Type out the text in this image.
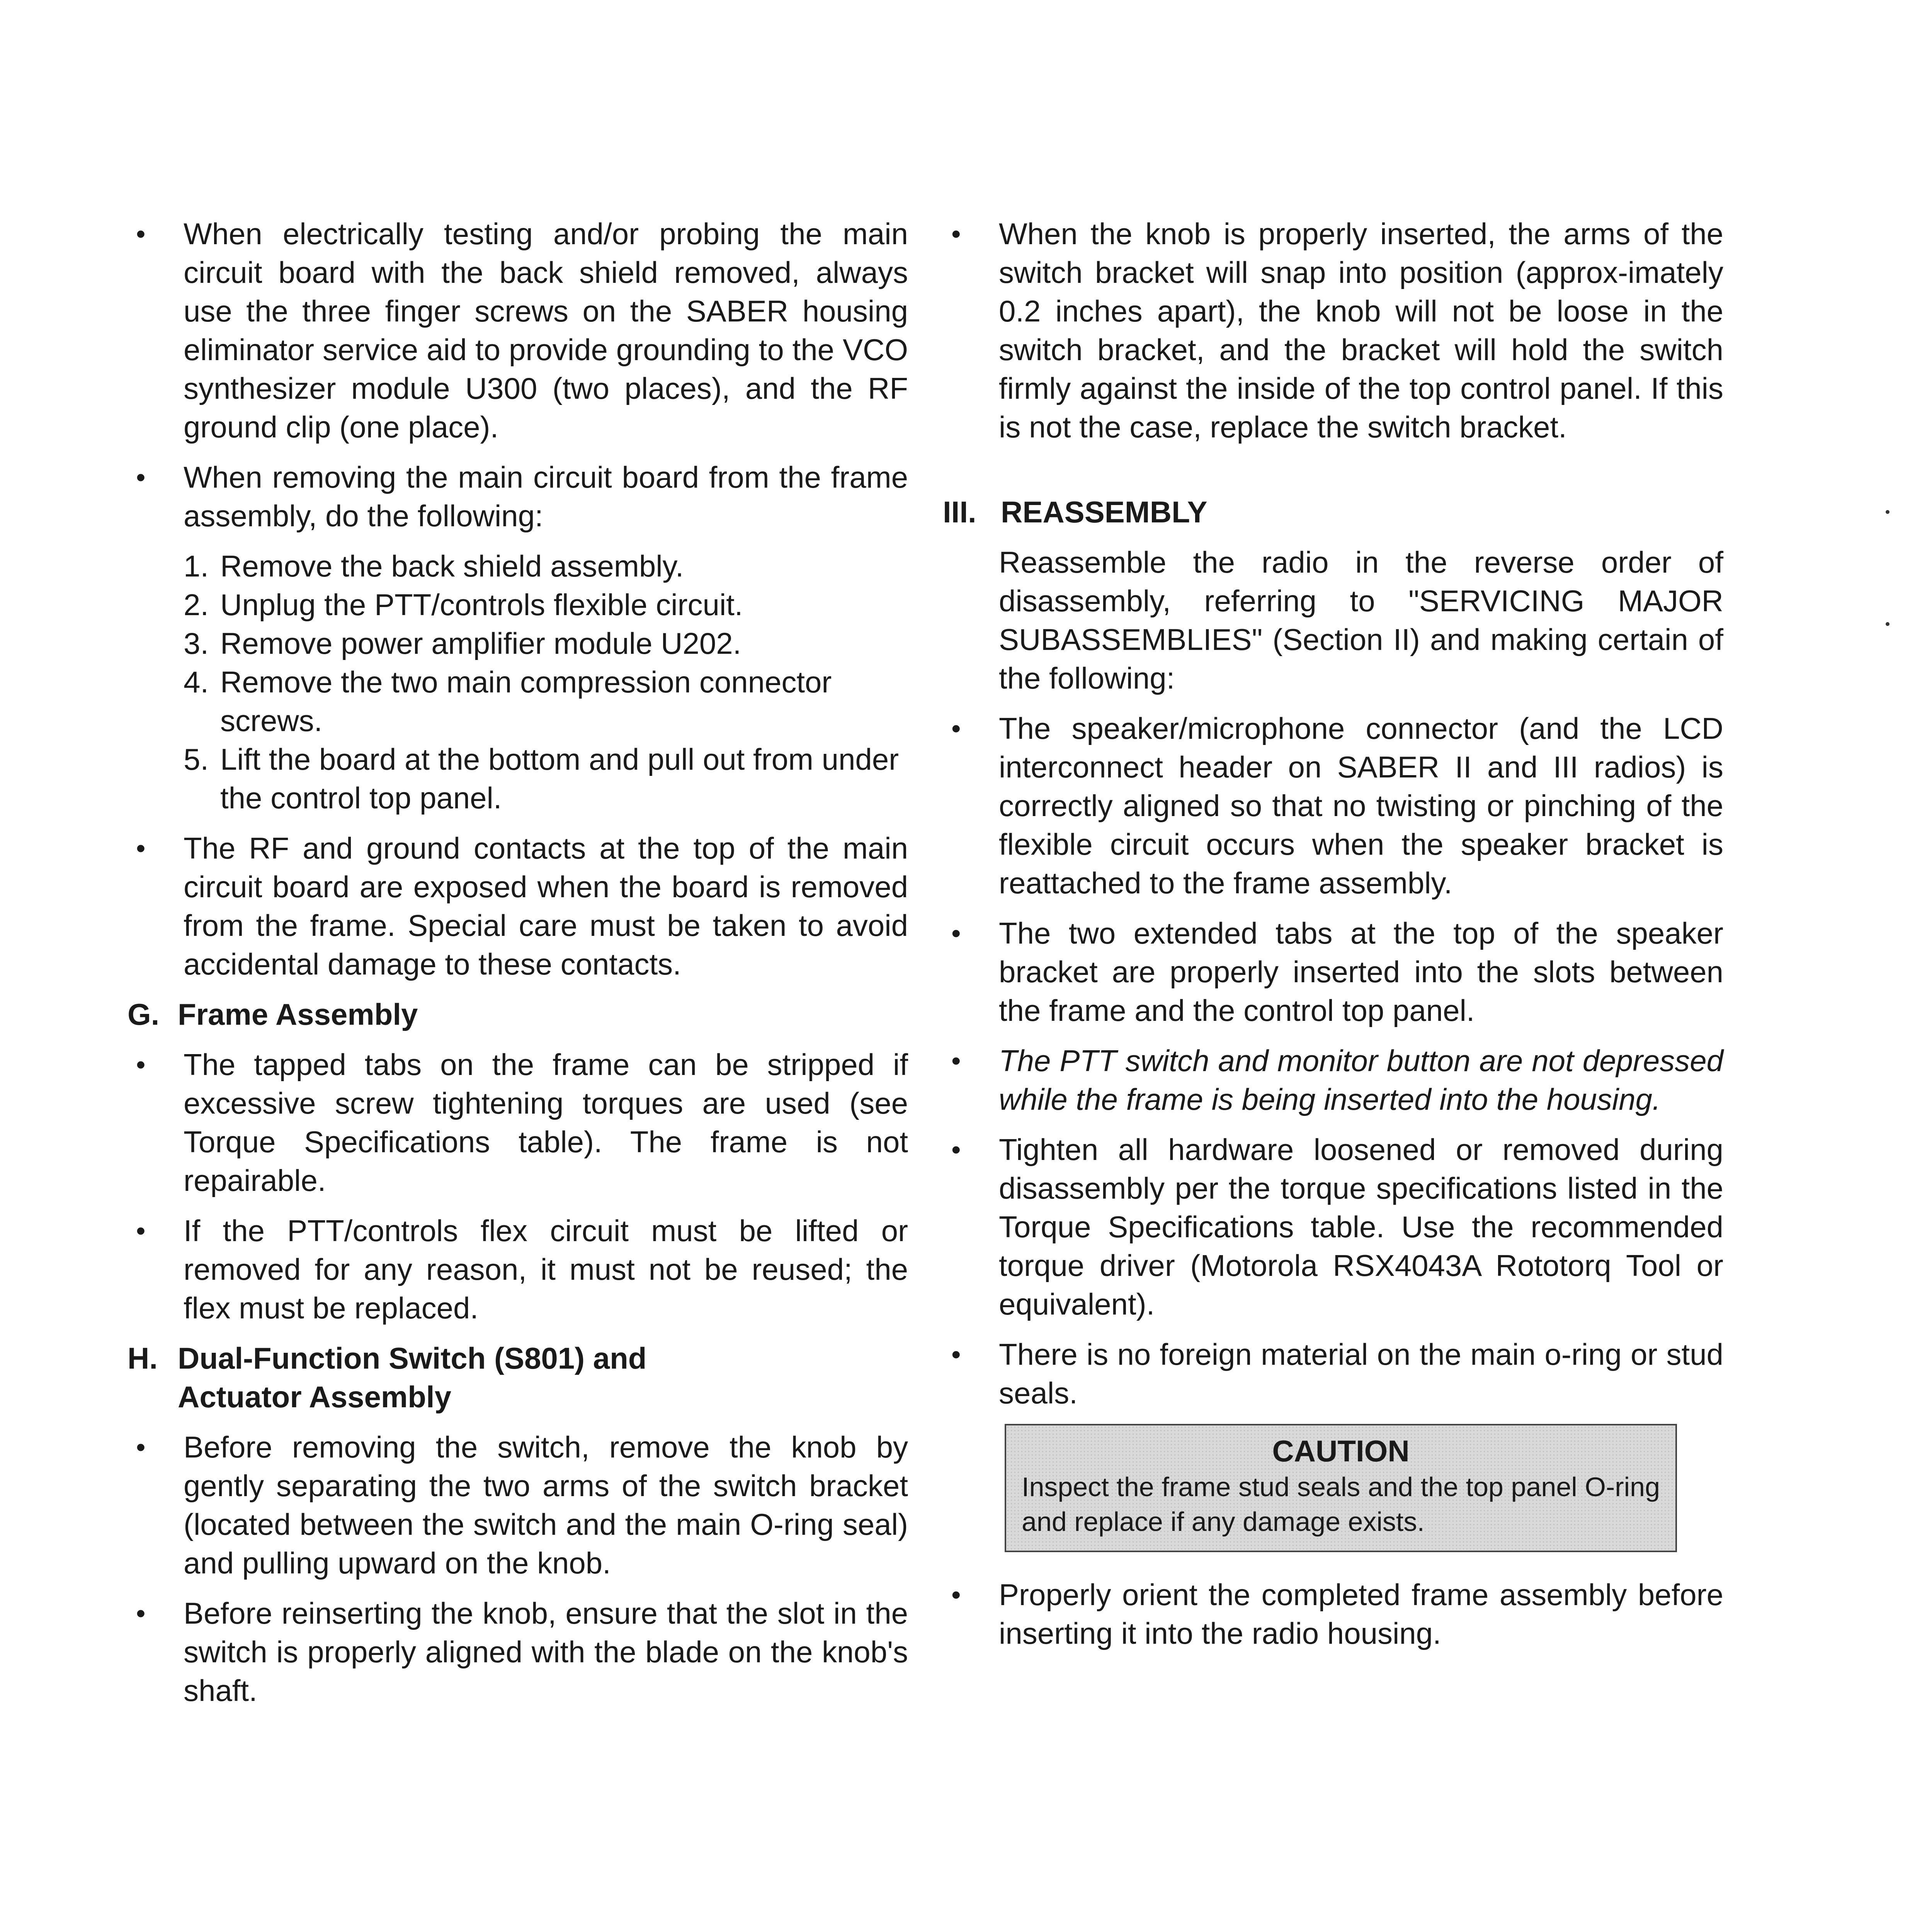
• When electrically testing and/or probing the main circuit board with the back shield removed, always use the three finger screws on the SABER housing eliminator service aid to provide grounding to the VCO synthesizer module U300 (two places), and the RF ground clip (one place).
• When removing the main circuit board from the frame assembly, do the following:
1. Remove the back shield assembly.
2. Unplug the PTT/controls flexible circuit.
3. Remove power amplifier module U202.
4. Remove the two main compression connector screws.
5. Lift the board at the bottom and pull out from under the control top panel.
• The RF and ground contacts at the top of the main circuit board are exposed when the board is removed from the frame. Special care must be taken to avoid accidental damage to these contacts.
G. Frame Assembly
• The tapped tabs on the frame can be stripped if excessive screw tightening torques are used (see Torque Specifications table). The frame is not repairable.
• If the PTT/controls flex circuit must be lifted or removed for any reason, it must not be reused; the flex must be replaced.
H. Dual-Function Switch (S801) and
Actuator Assembly
• Before removing the switch, remove the knob by gently separating the two arms of the switch bracket (located between the switch and the main O-ring seal) and pulling upward on the knob.
• Before reinserting the knob, ensure that the slot in the switch is properly aligned with the blade on the knob's shaft.
• When the knob is properly inserted, the arms of the switch bracket will snap into position (approx-imately 0.2 inches apart), the knob will not be loose in the switch bracket, and the bracket will hold the switch firmly against the inside of the top control panel. If this is not the case, replace the switch bracket.
III. REASSEMBLY
Reassemble the radio in the reverse order of disassembly, referring to "SERVICING MAJOR SUBASSEMBLIES" (Section II) and making certain of the following:
• The speaker/microphone connector (and the LCD interconnect header on SABER II and III radios) is correctly aligned so that no twisting or pinching of the flexible circuit occurs when the speaker bracket is reattached to the frame assembly.
• The two extended tabs at the top of the speaker bracket are properly inserted into the slots between the frame and the control top panel.
• The PTT switch and monitor button are not depressed while the frame is being inserted into the housing.
• Tighten all hardware loosened or removed during disassembly per the torque specifications listed in the Torque Specifications table. Use the recommended torque driver (Motorola RSX4043A Rototorq Tool or equivalent).
• There is no foreign material on the main o-ring or stud seals.
CAUTION
Inspect the frame stud seals and the top panel O-ring and replace if any damage exists.
• Properly orient the completed frame assembly before inserting it into the radio housing.
